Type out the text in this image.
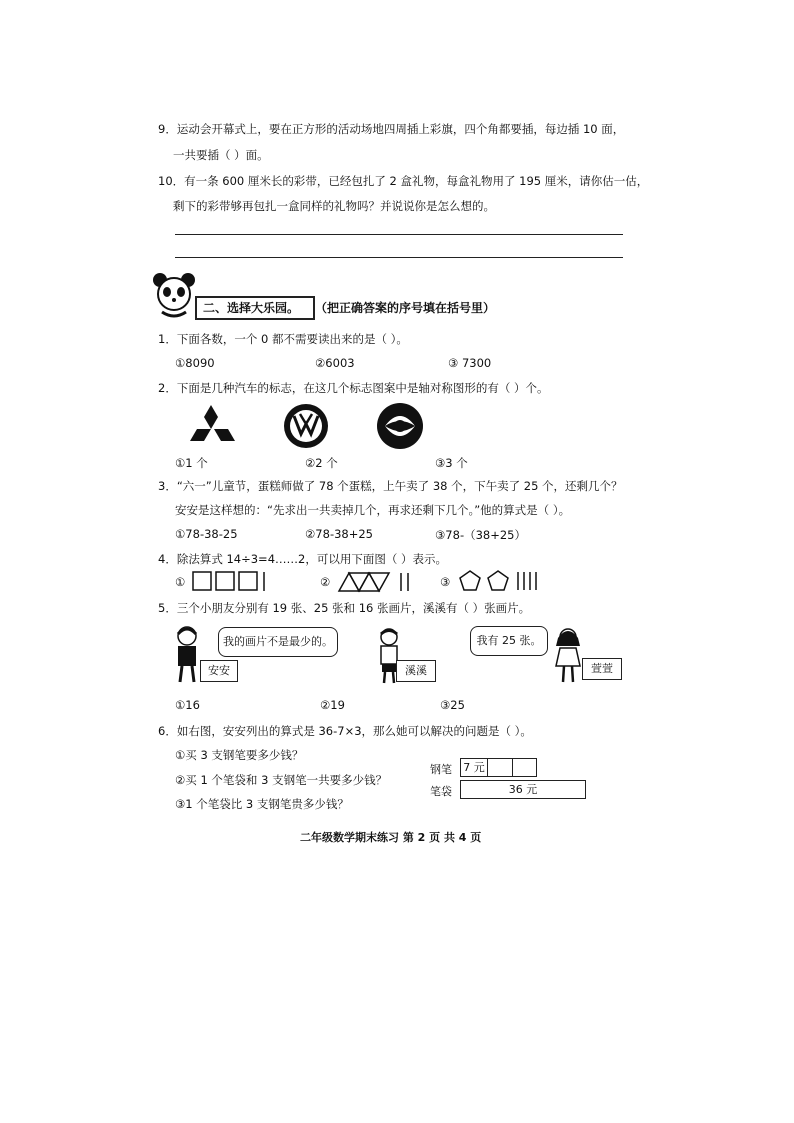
9．运动会开幕式上，要在正方形的活动场地四周插上彩旗，四个角都要插，每边插 10 面，
一共要插（ ）面。
10．有一条 600 厘米长的彩带，已经包扎了 2 盒礼物，每盒礼物用了 195 厘米，请你估一估，
剩下的彩带够再包扎一盒同样的礼物吗？并说说你是怎么想的。
二、选择大乐园。 （把正确答案的序号填在括号里）
1．下面各数，一个 0 都不需要读出来的是（ ）。
①8090	②6003	③ 7300
2．下面是几种汽车的标志，在这几个标志图案中是轴对称图形的有（ ）个。
①1 个	②2 个	③3 个
3．“六一”儿童节，蛋糕师做了 78 个蛋糕，上午卖了 38 个，下午卖了 25 个，还剩几个？
安安是这样想的：“先求出一共卖掉几个，再求还剩下几个。”他的算式是（ ）。
①78-38-25	②78-38+25	③78-（38+25）
4．除法算式 14÷3=4……2，可以用下面图（ ）表示。
①	②	③
5．三个小朋友分别有 19 张、25 张和 16 张画片，溪溪有（ ）张画片。
我的画片不是最少的。
安安	溪溪
我有 25 张。
萱萱
①16	②19	③25
6．如右图，安安列出的算式是 36-7×3，那么她可以解决的问题是（ ）。
①买 3 支钢笔要多少钱？
②买 1 个笔袋和 3 支钢笔一共要多少钱？
③1 个笔袋比 3 支钢笔贵多少钱？
钢笔 7 元
笔袋	36 元
二年级数学期末练习 第 2 页 共 4 页
